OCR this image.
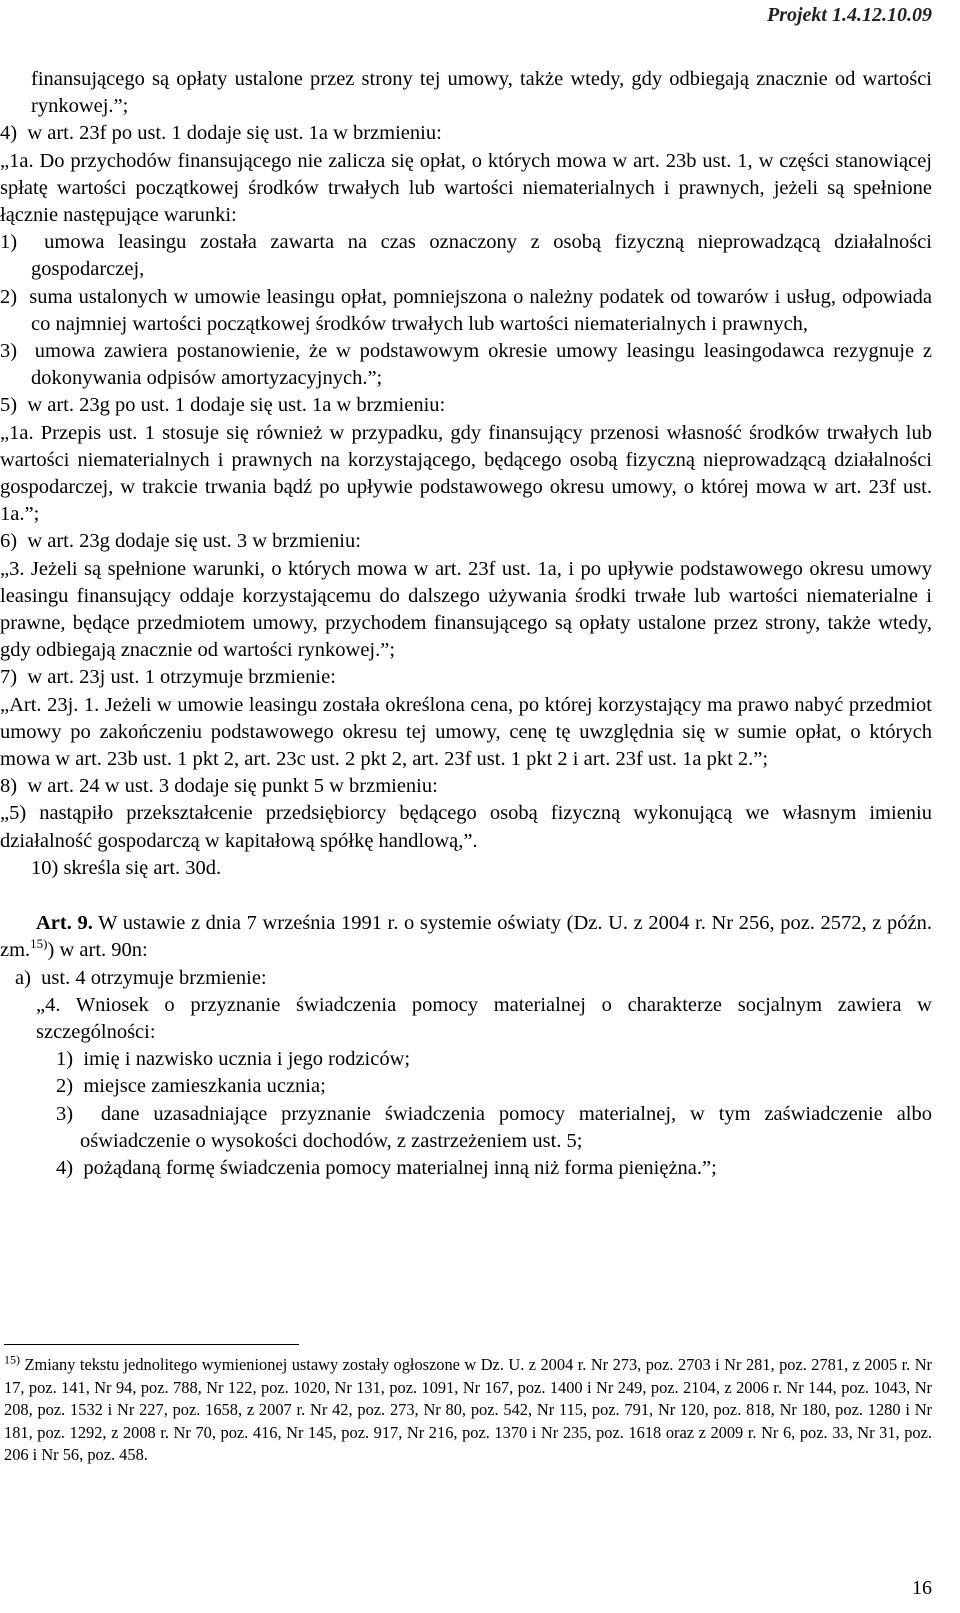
Projekt 1.4.12.10.09

finansującego są opłaty ustalone przez strony tej umowy, także wtedy, gdy odbiegają znacznie od wartości rynkowej.”;

4)  w art. 23f po ust. 1 dodaje się ust. 1a w brzmieniu:

„1a. Do przychodów finansującego nie zalicza się opłat, o których mowa w art. 23b ust. 1, w części stanowiącej spłatę wartości początkowej środków trwałych lub wartości niematerialnych i prawnych, jeżeli są spełnione łącznie następujące warunki:

1)  umowa leasingu została zawarta na czas oznaczony z osobą fizyczną nieprowadzącą działalności gospodarczej,

2)  suma ustalonych w umowie leasingu opłat, pomniejszona o należny podatek od towarów i usług, odpowiada co najmniej wartości początkowej środków trwałych lub wartości niematerialnych i prawnych,

3)  umowa zawiera postanowienie, że w podstawowym okresie umowy leasingu leasingodawca rezygnuje z dokonywania odpisów amortyzacyjnych.”;

5)  w art. 23g po ust. 1 dodaje się ust. 1a w brzmieniu:

„1a. Przepis ust. 1 stosuje się również w przypadku, gdy finansujący przenosi własność środków trwałych lub wartości niematerialnych i prawnych na korzystającego, będącego osobą fizyczną nieprowadzącą działalności gospodarczej, w trakcie trwania bądź po upływie podstawowego okresu umowy, o której mowa w art. 23f ust. 1a.”;

6)  w art. 23g dodaje się ust. 3 w brzmieniu:

„3. Jeżeli są spełnione warunki, o których mowa w art. 23f ust. 1a, i po upływie podstawowego okresu umowy leasingu finansujący oddaje korzystającemu do dalszego używania środki trwałe lub wartości niematerialne i prawne, będące przedmiotem umowy, przychodem finansującego są opłaty ustalone przez strony, także wtedy, gdy odbiegają znacznie od wartości rynkowej.”;

7)  w art. 23j ust. 1 otrzymuje brzmienie:

„Art. 23j. 1. Jeżeli w umowie leasingu została określona cena, po której korzystający ma prawo nabyć przedmiot umowy po zakończeniu podstawowego okresu tej umowy, cenę tę uwzględnia się w sumie opłat, o których mowa w art. 23b ust. 1 pkt 2, art. 23c ust. 2 pkt 2, art. 23f ust. 1 pkt 2 i art. 23f ust. 1a pkt 2.”;

8)  w art. 24 w ust. 3 dodaje się punkt 5 w brzmieniu:

„5) nastąpiło przekształcenie przedsiębiorcy będącego osobą fizyczną wykonującą we własnym imieniu działalność gospodarczą w kapitałową spółkę handlową,”.

10) skreśla się art. 30d.

Art. 9. W ustawie z dnia 7 września 1991 r. o systemie oświaty (Dz. U. z 2004 r. Nr 256, poz. 2572, z późn. zm.$^{15)}$) w art. 90n:

a)  ust. 4 otrzymuje brzmienie:

„4. Wniosek o przyznanie świadczenia pomocy materialnej o charakterze socjalnym zawiera w szczególności:

1)  imię i nazwisko ucznia i jego rodziców;

2)  miejsce zamieszkania ucznia;

3)  dane uzasadniające przyznanie świadczenia pomocy materialnej, w tym zaświadczenie albo oświadczenie o wysokości dochodów, z zastrzeżeniem ust. 5;

4)  pożądaną formę świadczenia pomocy materialnej inną niż forma pieniężna.”;

$^{15)}$ Zmiany tekstu jednolitego wymienionej ustawy zostały ogłoszone w Dz. U. z 2004 r. Nr 273, poz. 2703 i Nr 281, poz. 2781, z 2005 r. Nr 17, poz. 141, Nr 94, poz. 788, Nr 122, poz. 1020, Nr 131, poz. 1091, Nr 167, poz. 1400 i Nr 249, poz. 2104, z 2006 r. Nr 144, poz. 1043, Nr 208, poz. 1532 i Nr 227, poz. 1658, z 2007 r. Nr 42, poz. 273, Nr 80, poz. 542, Nr 115, poz. 791, Nr 120, poz. 818, Nr 180, poz. 1280 i Nr 181, poz. 1292, z 2008 r. Nr 70, poz. 416, Nr 145, poz. 917, Nr 216, poz. 1370 i Nr 235, poz. 1618 oraz z 2009 r. Nr 6, poz. 33, Nr 31, poz. 206 i Nr 56, poz. 458.
16
